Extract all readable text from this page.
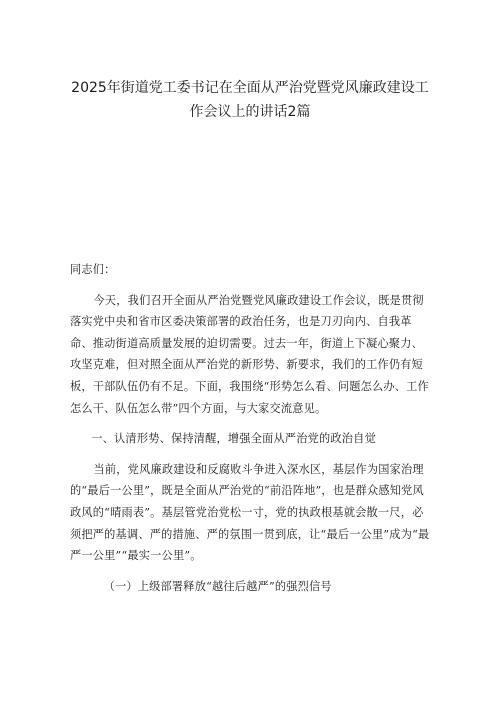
2025年街道党工委书记在全面从严治党暨党风廉政建设工
作会议上的讲话2篇

同志们：

今天，我们召开全面从严治党暨党风廉政建设工作会议，既是贯彻落实党中央和省市区委决策部署的政治任务，也是刀刃向内、自我革命、推动街道高质量发展的迫切需要。过去一年，街道上下凝心聚力、攻坚克难，但对照全面从严治党的新形势、新要求，我们的工作仍有短板，干部队伍仍有不足。下面，我围绕“形势怎么看、问题怎么办、工作怎么干、队伍怎么带”四个方面，与大家交流意见。

一、认清形势、保持清醒，增强全面从严治党的政治自觉

当前，党风廉政建设和反腐败斗争进入深水区，基层作为国家治理的“最后一公里”，既是全面从严治党的“前沿阵地”，也是群众感知党风政风的“晴雨表”。基层管党治党松一寸，党的执政根基就会散一尺，必须把严的基调、严的措施、严的氛围一贯到底，让“最后一公里”成为“最严一公里”“最实一公里”。

（一）上级部署释放“越往后越严”的强烈信号
